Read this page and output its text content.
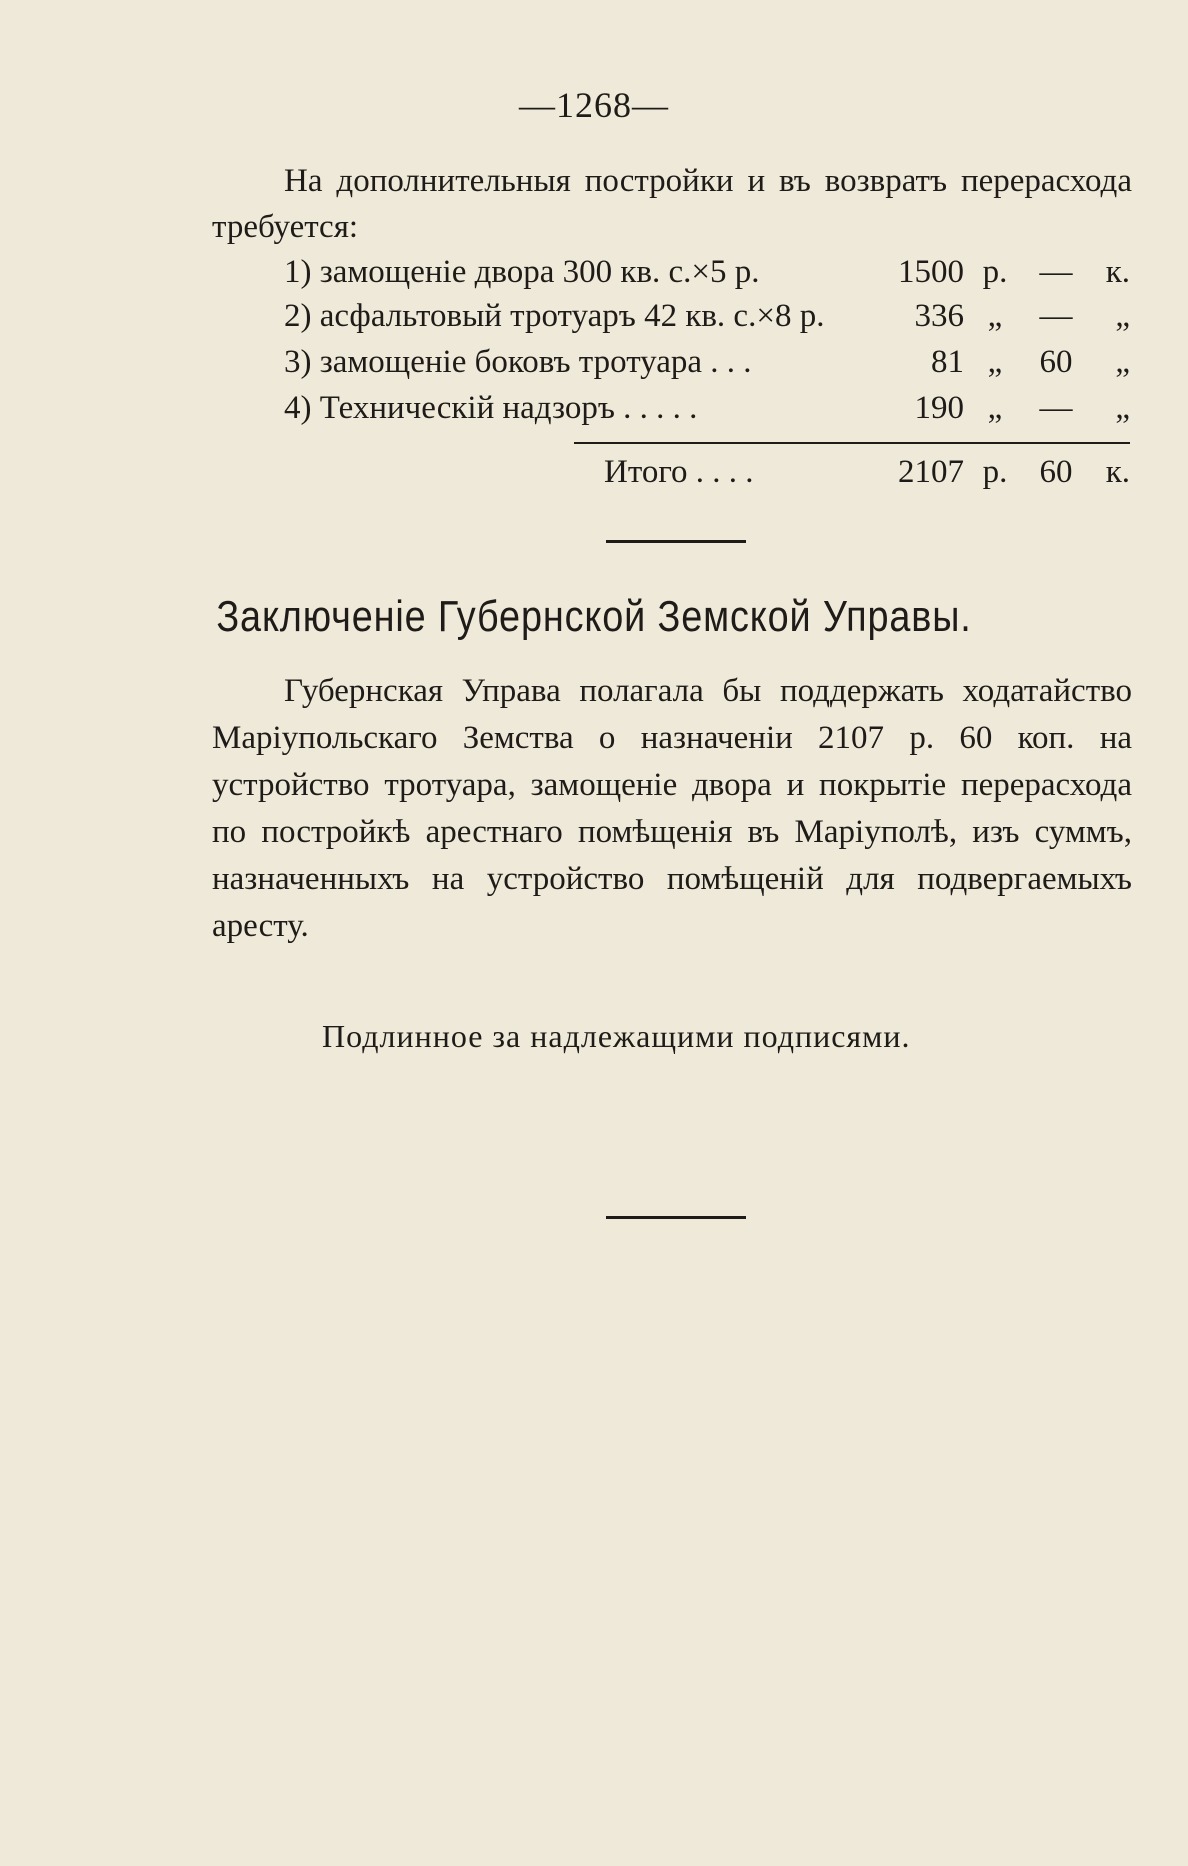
—1268—

На дополнительныя постройки и въ возвратъ перерасхода требуется:

1) замощеніе двора 300 кв. с.×5 р.	1500 р. —	к.
2) асфальтовый тротуаръ 42 кв. с.×8 р.	336 „	—	„
3) замощеніе боковъ тротуара . . .	81 „	60	„
4) Техническій надзоръ . . . . .	190 „	—	„
Итого . . . .	2107 р. 60	к.
Заключеніе Губернской Земской Управы.

Губернская Управа полагала бы поддержать ходатайство Маріупольскаго Земства о назначеніи 2107 р. 60 коп. на устройство тротуара, замощеніе двора и покрытіе перерасхода по постройкѣ арестнаго помѣщенія въ Маріуполѣ, изъ суммъ, назначенныхъ на устройство помѣщеній для подвергаемыхъ аресту.

Подлинное за надлежащими подписями.
